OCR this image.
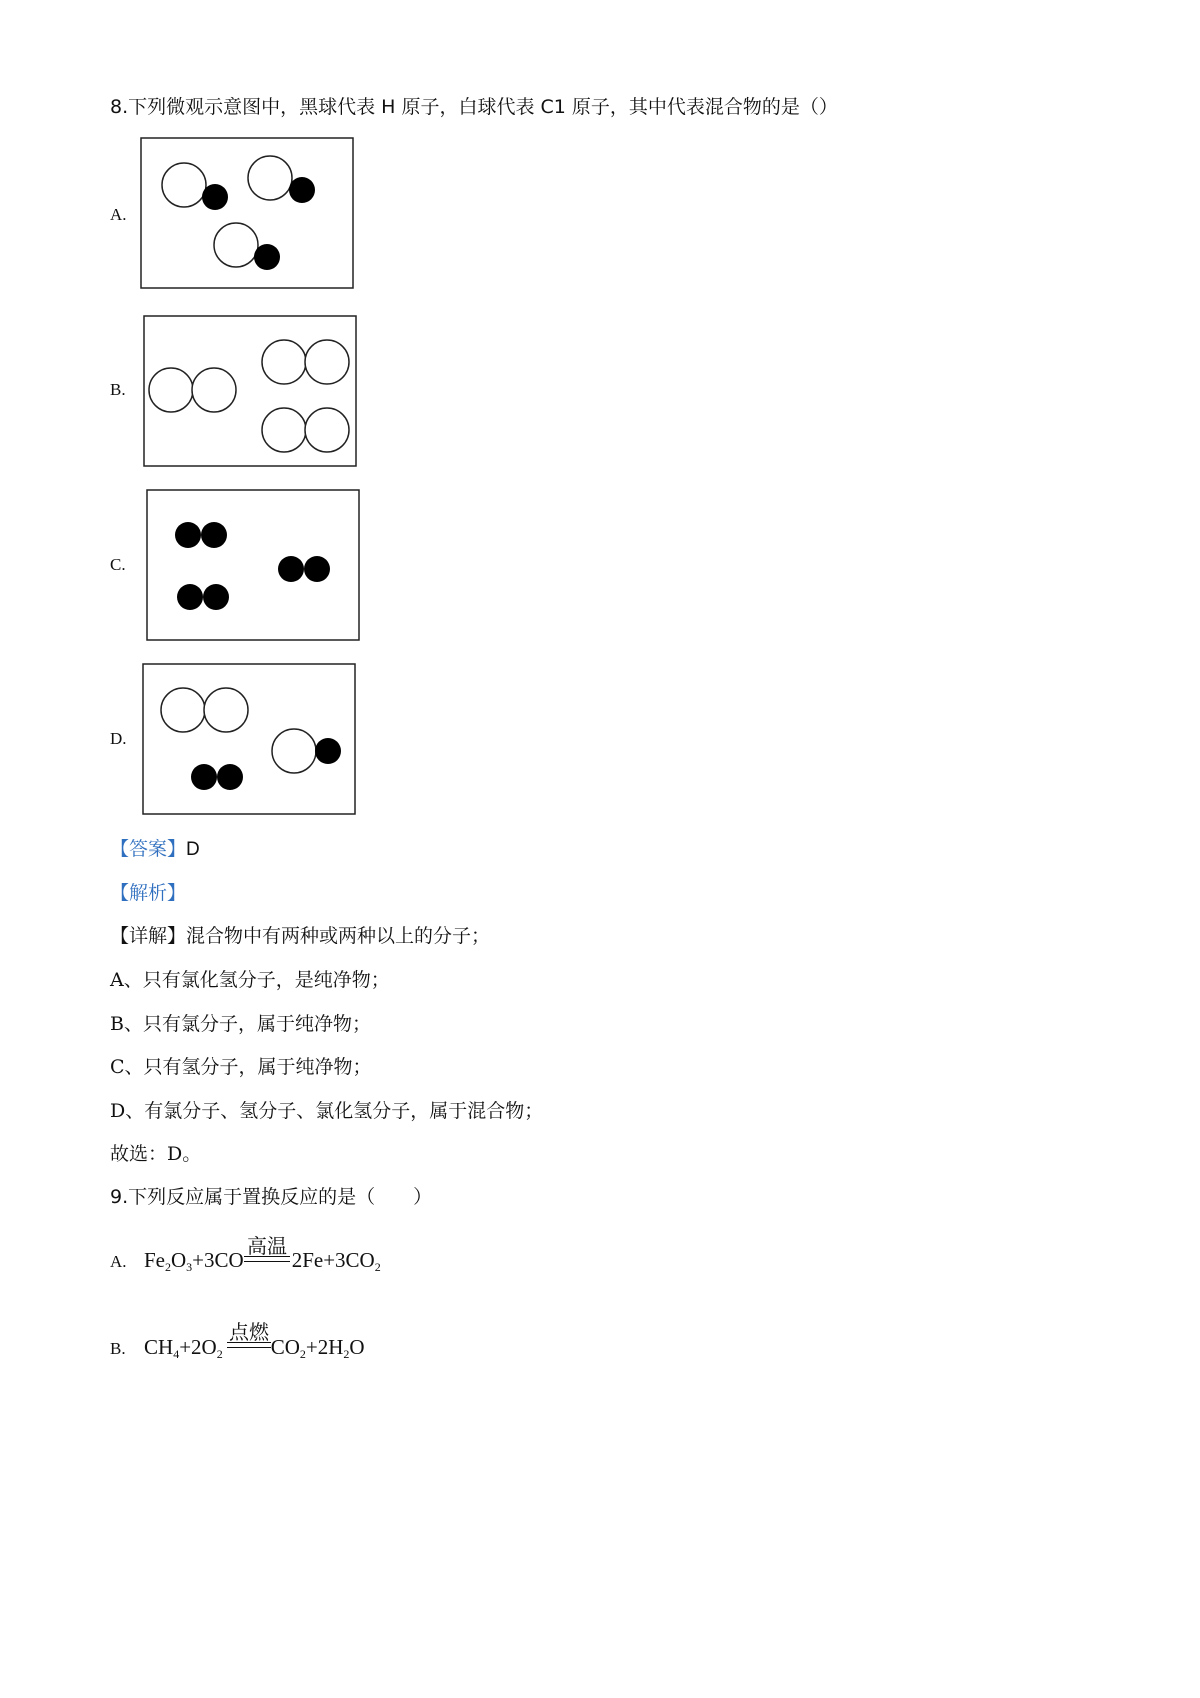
8.下列微观示意图中，黑球代表 H 原子，白球代表 C1 原子，其中代表混合物的是（）
A.
B.
C.
D.
【答案】D
【解析】
【详解】混合物中有两种或两种以上的分子；
A、只有氯化氢分子，是纯净物；
B、只有氯分子，属于纯净物；
C、只有氢分子，属于纯净物；
D、有氯分子、氢分子、氯化氢分子，属于混合物；
故选：D。
9.下列反应属于置换反应的是（　　）
高温
A. $Fe_2O_3+3CO$ $2Fe+3CO_2$
点燃
B. $CH_4+2O_2$ $CO_2+2H_2O$
